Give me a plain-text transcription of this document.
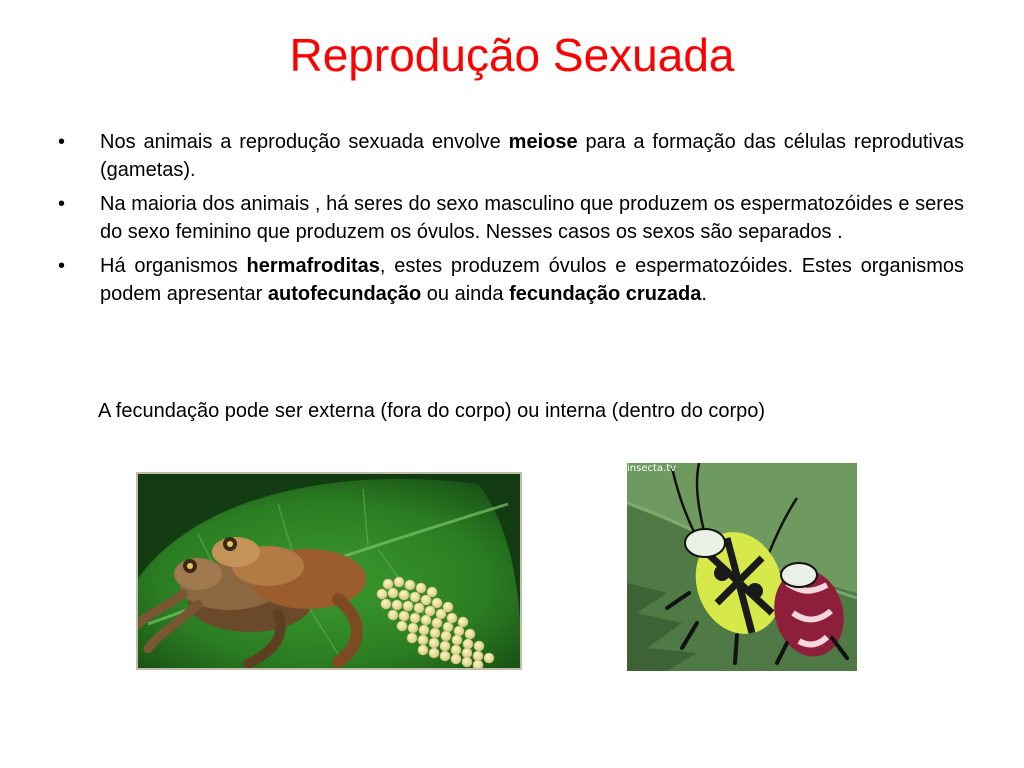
Reprodução Sexuada
• Nos animais a reprodução sexuada envolve meiose para a formação das células reprodutivas (gametas).
• Na maioria dos animais , há seres do sexo masculino que produzem os espermatozóides e seres do sexo feminino que produzem os óvulos. Nesses casos os sexos são separados .
• Há organismos hermafroditas, estes produzem óvulos e espermatozóides. Estes organismos podem apresentar autofecundação ou ainda fecundação cruzada.

A fecundação pode ser externa (fora do corpo) ou interna (dentro do corpo)

insecta.tv
